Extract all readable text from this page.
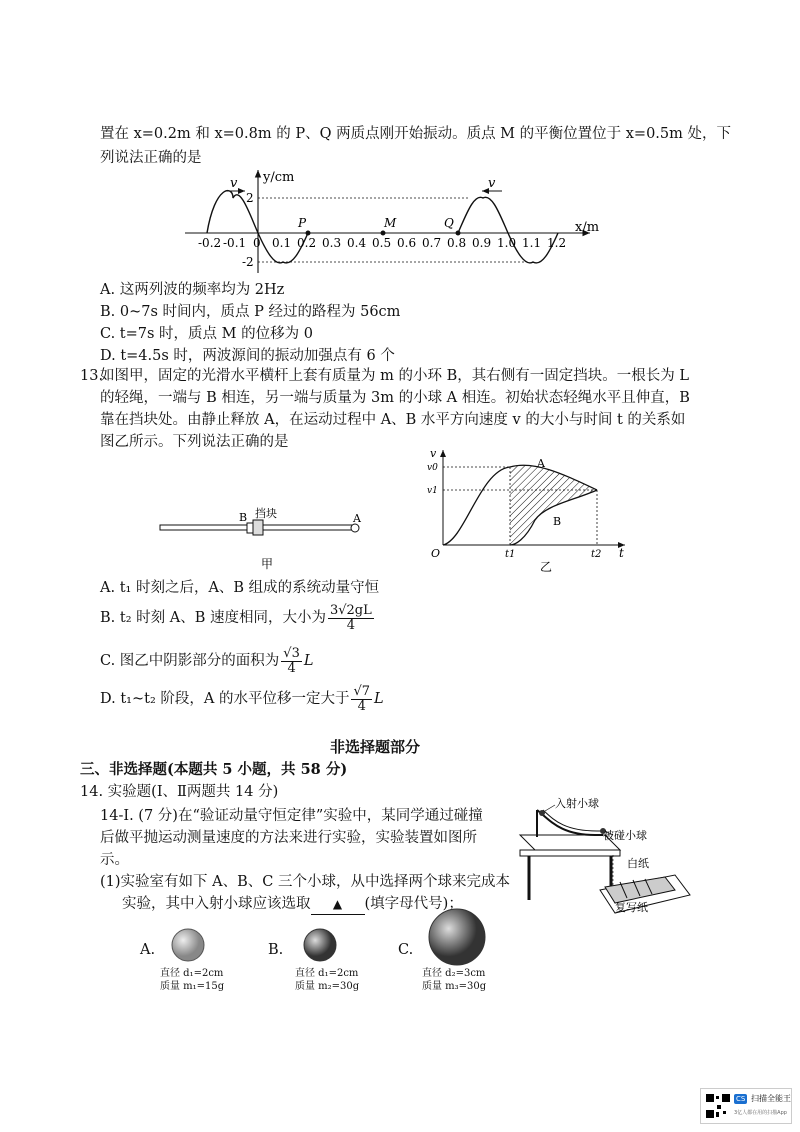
置在 x=0.2m 和 x=0.8m 的 P、Q 两质点刚开始振动。质点 M 的平衡位置位于 x=0.5m 处，下
列说法正确的是
v	v
y/cm
x/m
2
-2
-0.2 -0.1 0 0.1 0.2 0.3 0.4 0.5 0.6 0.7 0.8 0.9 1.0 1.1 1.2
P	M	Q
A. 这两列波的频率均为 2Hz
B. 0~7s 时间内，质点 P 经过的路程为 56cm
C. t=7s 时，质点 M 的位移为 0
D. t=4.5s 时，两波源间的振动加强点有 6 个
13.
如图甲，固定的光滑水平横杆上套有质量为 m 的小环 B，其右侧有一固定挡块。一根长为 L
的轻绳，一端与 B 相连，另一端与质量为 3m 的小球 A 相连。初始状态轻绳水平且伸直，B
靠在挡块处。由静止释放 A，在运动过程中 A、B 水平方向速度 v 的大小与时间 t 的关系如
图乙所示。下列说法正确的是
B 挡块	A
甲
v
t
O
v0
v1
t1	t2
A
B
乙
A. t₁ 时刻之后，A、B 组成的系统动量守恒
B. t₂ 时刻 A、B 速度相同，大小为 $\frac{3√2gL}{4}$
C. 图乙中阴影部分的面积为 $\frac{√3}{4}$ L
D. t₁~t₂ 阶段，A 的水平位移一定大于 $\frac{√7}{4}$ L
非选择题部分
三、非选择题(本题共 5 小题，共 58 分)
14. 实验题(Ⅰ、Ⅱ两题共 14 分)
14-Ⅰ. (7 分)在“验证动量守恒定律”实验中，某同学通过碰撞
后做平抛运动测量速度的方法来进行实验，实验装置如图所
示。
(1)实验室有如下 A、B、C 三个小球，从中选择两个球来完成本
实验，其中入射小球应该选取 ▲ (填字母代号)；
入射小球
被碰小球
白纸
复写纸
A.
直径 d₁=2cm
质量 m₁=15g
B.
直径 d₁=2cm
质量 m₂=30g
C.
直径 d₂=3cm
质量 m₃=30g
CS 扫描全能王
3亿人都在用的扫描App
